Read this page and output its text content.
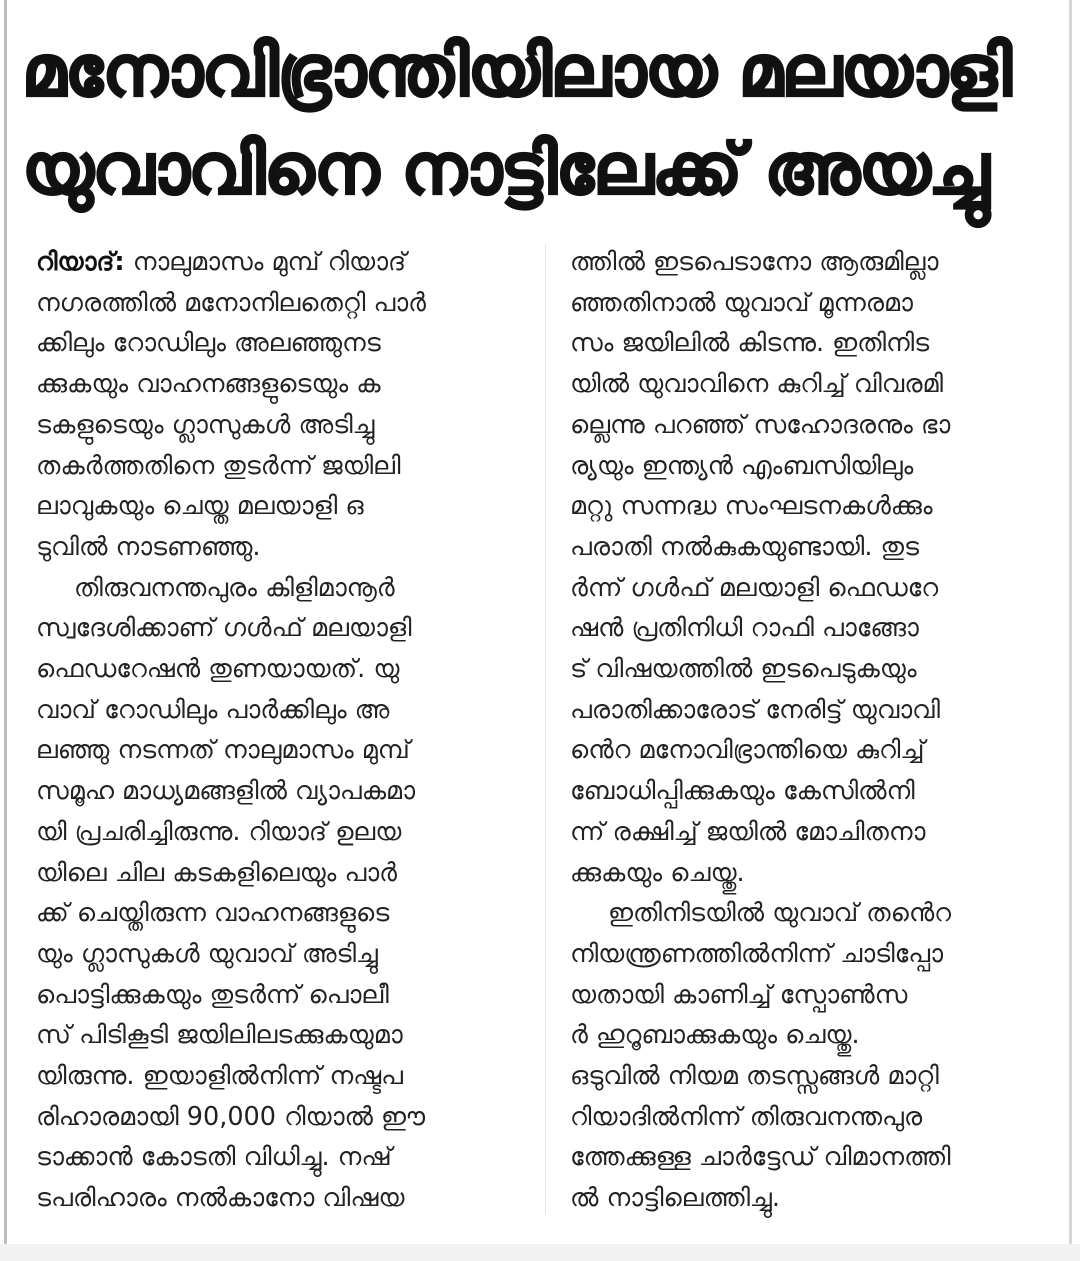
മനോവിഭ്രാന്തിയിലായ മലയാളി
യുവാവിനെ നാട്ടിലേക്ക് അയച്ചു

റിയാദ്: നാലുമാസം മുമ്പ് റിയാദ്
നഗരത്തിൽ മനോനിലതെറ്റി പാർ
ക്കിലും റോഡിലും അലഞ്ഞുനട
ക്കുകയും വാഹനങ്ങളുടെയും ക
ടകളുടെയും ഗ്ലാസുകൾ അടിച്ചു
തകർത്തതിനെ തുടർന്ന് ജയിലി
ലാവുകയും ചെയ്ത മലയാളി ഒ
ടുവിൽ നാടണഞ്ഞു.

തിരുവനന്തപുരം കിളിമാനൂർ
സ്വദേശിക്കാണ് ഗൾഫ് മലയാളി
ഫെഡറേഷൻ തുണയായത്. യു
വാവ് റോഡിലും പാർക്കിലും അ
ലഞ്ഞു നടന്നത് നാലുമാസം മുമ്പ്
സമൂഹ മാധ്യമങ്ങളിൽ വ്യാപകമാ
യി പ്രചരിച്ചിരുന്നു. റിയാദ് ഉലയ
യിലെ ചില കടകളിലെയും പാർ
ക്ക് ചെയ്തിരുന്ന വാഹനങ്ങളുടെ
യും ഗ്ലാസുകൾ യുവാവ് അടിച്ചു
പൊട്ടിക്കുകയും തുടർന്ന് പൊലീ
സ് പിടികൂടി ജയിലിലടക്കുകയുമാ
യിരുന്നു. ഇയാളിൽനിന്ന് നഷ്ടപ
രിഹാരമായി 90,000 റിയാൽ ഈ
ടാക്കാൻ കോടതി വിധിച്ചു. നഷ്
ടപരിഹാരം നൽകാനോ വിഷയ

ത്തിൽ ഇടപെടാനോ ആരുമില്ലാ
ഞ്ഞതിനാൽ യുവാവ് മൂന്നരമാ
സം ജയിലിൽ കിടന്നു. ഇതിനിട
യിൽ യുവാവിനെ കുറിച്ച് വിവരമി
ല്ലെന്നു പറഞ്ഞ് സഹോദരനും ഭാ
ര്യയും ഇന്ത്യൻ എംബസിയിലും
മറ്റു സന്നദ്ധ സംഘടനകൾക്കും
പരാതി നൽകുകയുണ്ടായി. തുട
ർന്ന് ഗൾഫ് മലയാളി ഫെഡറേ
ഷൻ പ്രതിനിധി റാഫി പാങ്ങോ
ട് വിഷയത്തിൽ ഇടപെടുകയും
പരാതിക്കാരോട് നേരിട്ട് യുവാവി
ൻെറ മനോവിഭ്രാന്തിയെ കുറിച്ച്
ബോധിപ്പിക്കുകയും കേസിൽനി
ന്ന് രക്ഷിച്ച് ജയിൽ മോചിതനാ
ക്കുകയും ചെയ്തു.

ഇതിനിടയിൽ യുവാവ് തൻെറ
നിയന്ത്രണത്തിൽനിന്ന് ചാടിപ്പോ
യതായി കാണിച്ച് സ്പോൺസ
ർ ഹുറൂബാക്കുകയും ചെയ്തു.
ഒടുവിൽ നിയമ തടസ്സങ്ങൾ മാറ്റി
റിയാദിൽനിന്ന് തിരുവനന്തപുര
ത്തേക്കുള്ള ചാർട്ടേഡ് വിമാനത്തി
ൽ നാട്ടിലെത്തിച്ചു.
